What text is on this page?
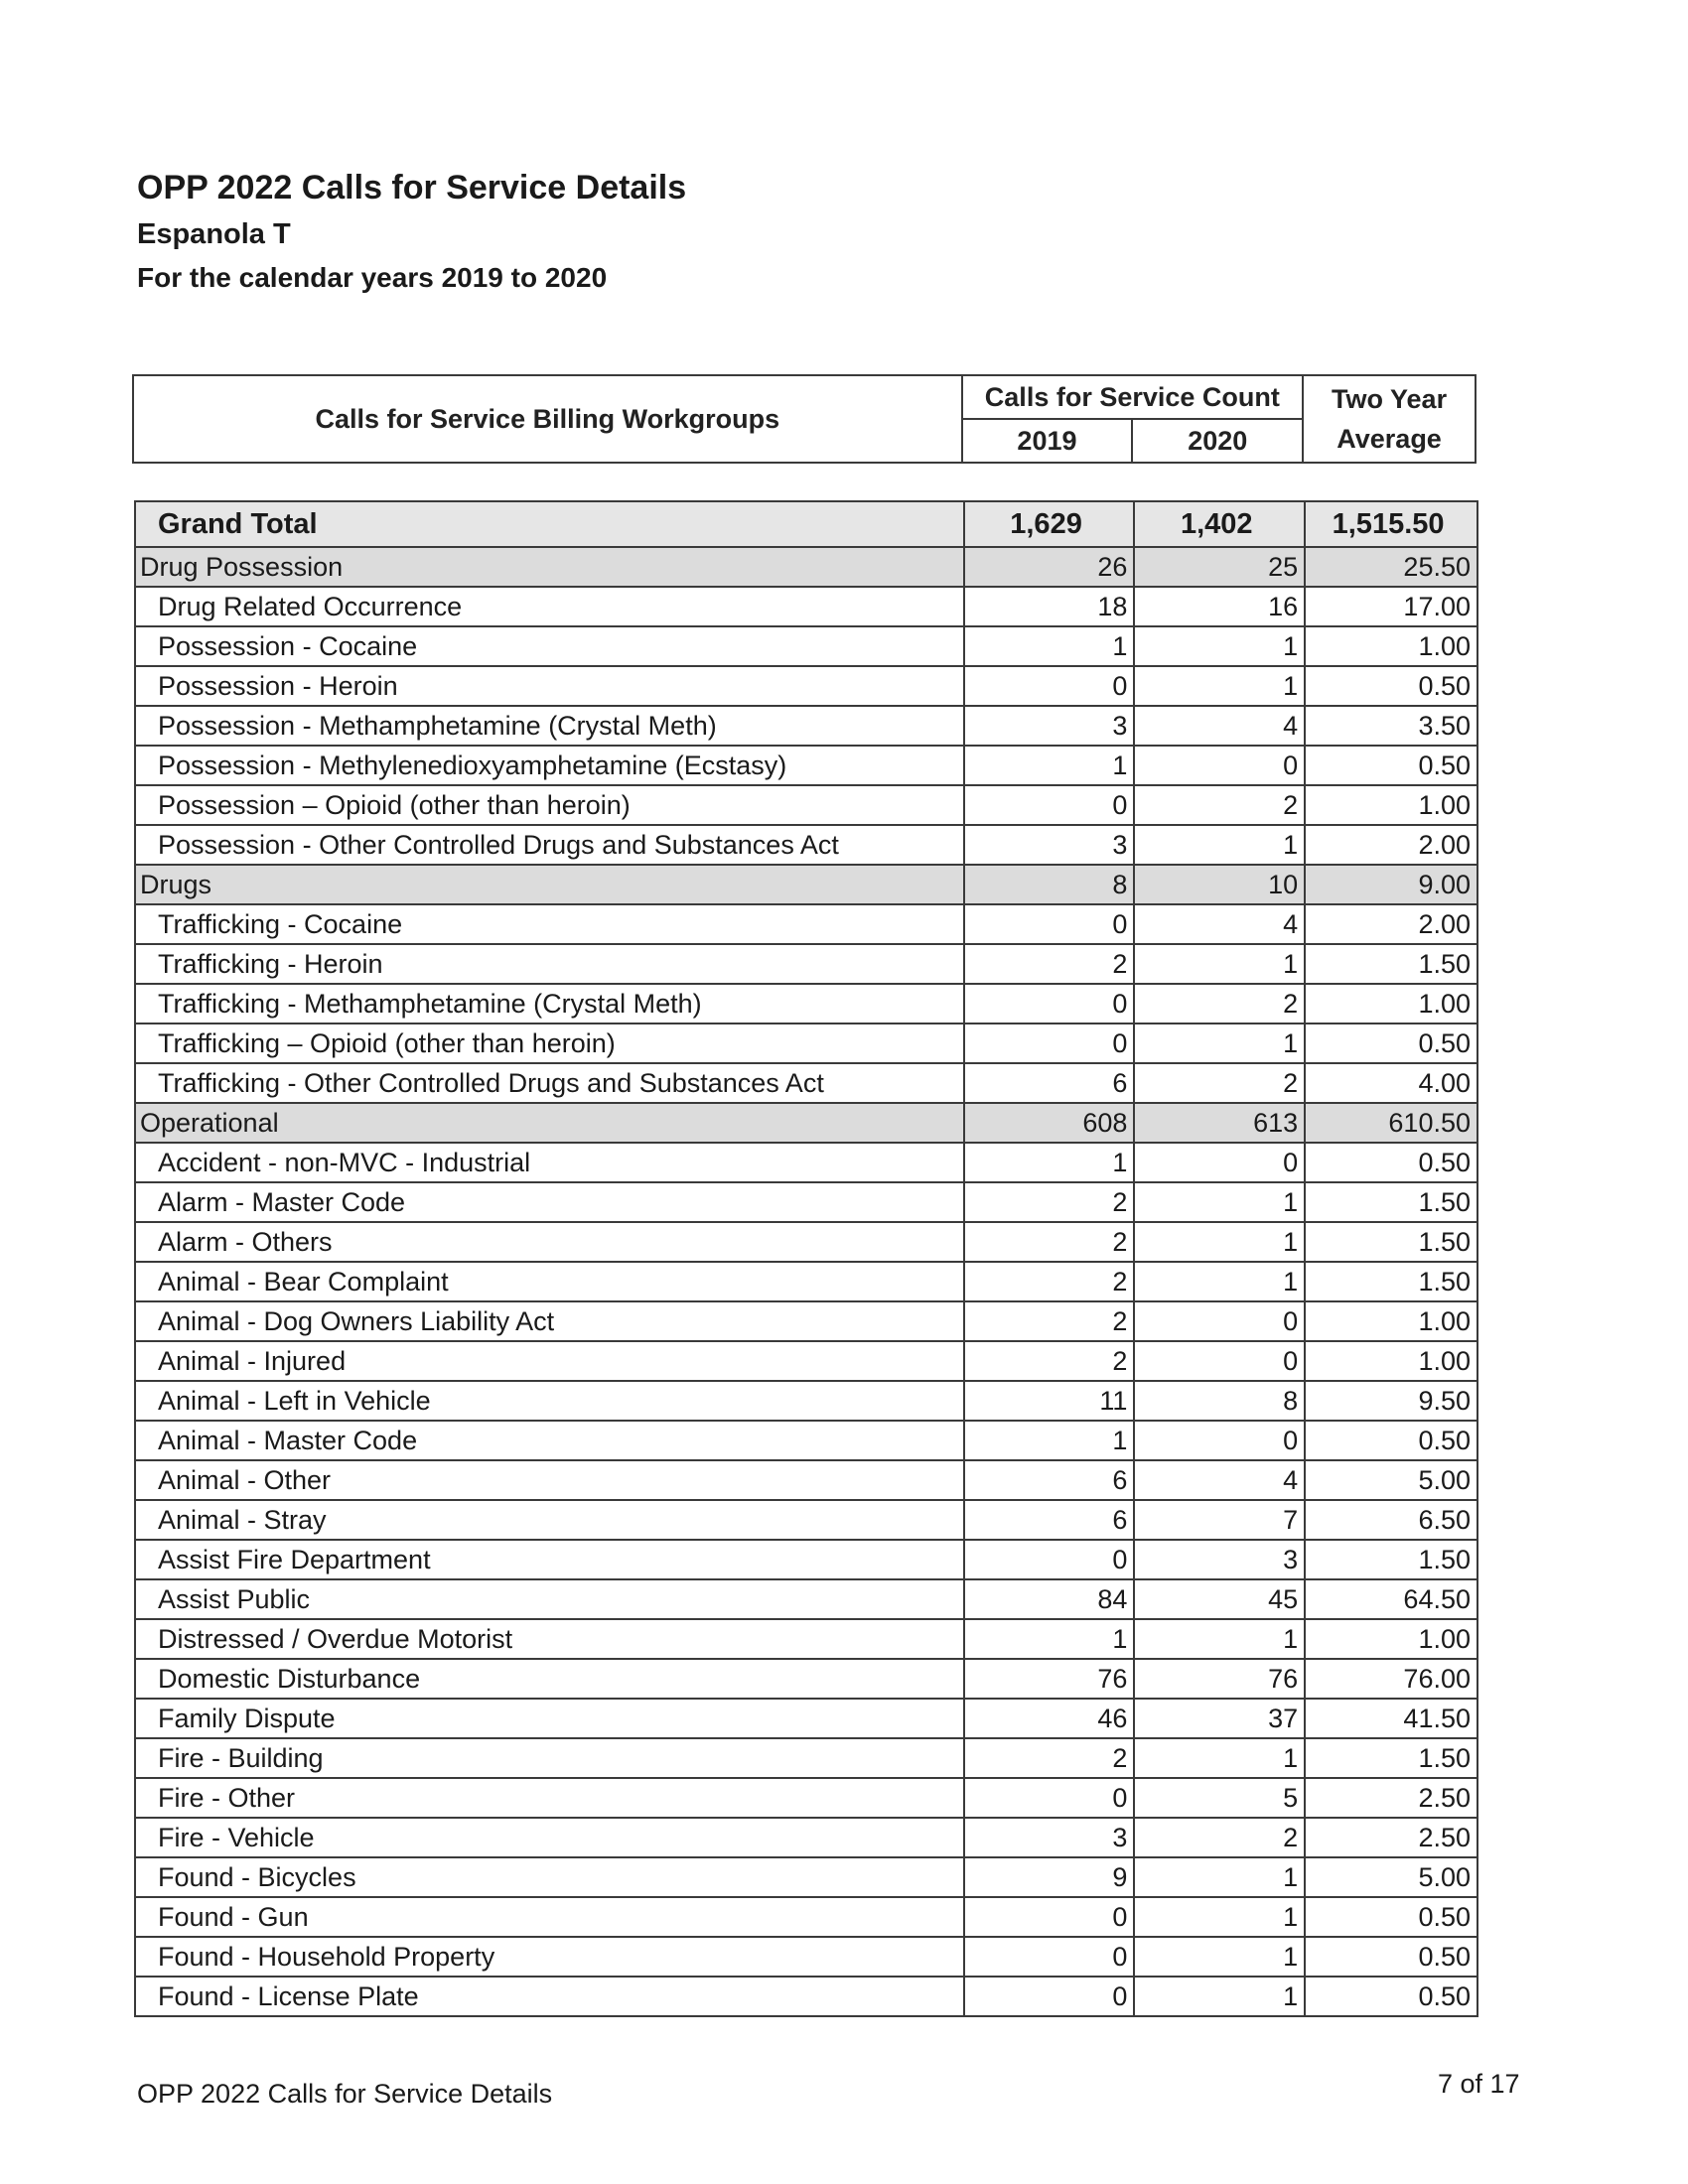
OPP 2022 Calls for Service Details
Espanola T
For the calendar years 2019 to 2020
Calls for Service Billing Workgroups	Calls for Service Count		Two Year
Average
	2019	2020	
Grand Total	1,629	1,402	1,515.50
Drug Possession	26	25	25.50
Drug Related Occurrence	18	16	17.00
Possession - Cocaine	1	1	1.00
Possession - Heroin	0	1	0.50
Possession - Methamphetamine (Crystal Meth)	3	4	3.50
Possession - Methylenedioxyamphetamine (Ecstasy)	1	0	0.50
Possession – Opioid (other than heroin)	0	2	1.00
Possession - Other Controlled Drugs and Substances Act	3	1	2.00
Drugs	8	10	9.00
Trafficking - Cocaine	0	4	2.00
Trafficking - Heroin	2	1	1.50
Trafficking - Methamphetamine (Crystal Meth)	0	2	1.00
Trafficking – Opioid (other than heroin)	0	1	0.50
Trafficking - Other Controlled Drugs and Substances Act	6	2	4.00
Operational	608	613	610.50
Accident - non-MVC - Industrial	1	0	0.50
Alarm - Master Code	2	1	1.50
Alarm - Others	2	1	1.50
Animal - Bear Complaint	2	1	1.50
Animal - Dog Owners Liability Act	2	0	1.00
Animal - Injured	2	0	1.00
Animal - Left in Vehicle	11	8	9.50
Animal - Master Code	1	0	0.50
Animal - Other	6	4	5.00
Animal - Stray	6	7	6.50
Assist Fire Department	0	3	1.50
Assist Public	84	45	64.50
Distressed / Overdue Motorist	1	1	1.00
Domestic Disturbance	76	76	76.00
Family Dispute	46	37	41.50
Fire - Building	2	1	1.50
Fire - Other	0	5	2.50
Fire - Vehicle	3	2	2.50
Found - Bicycles	9	1	5.00
Found - Gun	0	1	0.50
Found - Household Property	0	1	0.50
Found - License Plate	0	1	0.50
OPP 2022 Calls for Service Details	7 of 17
